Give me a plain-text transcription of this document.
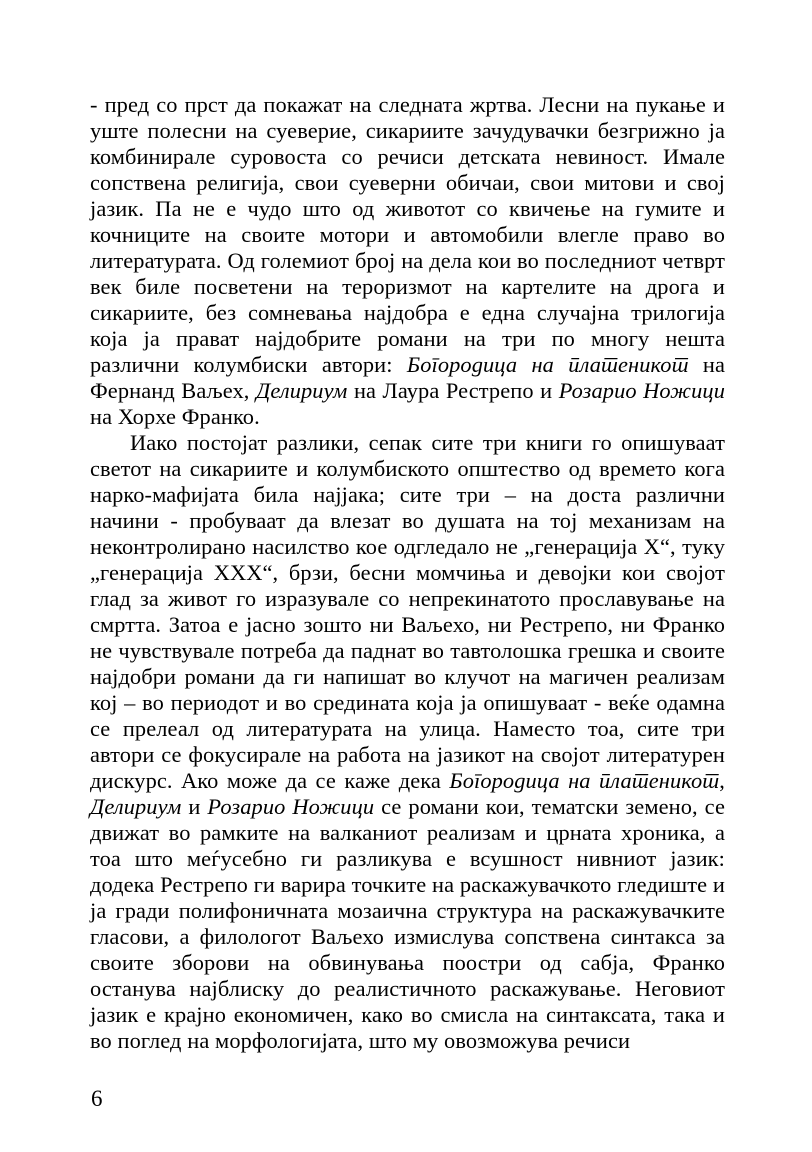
- пред со прст да покажат на следната жртва. Лесни на пукање и уште полесни на суеверие, сикариите зачудувачки безгрижно ја комбинирале суровоста со речиси детската невиност. Имале сопствена религија, свои суеверни обичаи, свои митови и свој јазик. Па не е чудо што од животот со квичење на гумите и кочниците на своите мотори и автомобили влегле право во литературата. Од големиот број на дела кои во последниот четврт век биле посветени на тероризмот на картелите на дрога и сикариите, без сомневања најдобра е една случајна трилогија која ја прават најдобрите романи на три по многу нешта различни колумбиски автори: Богородица на платеникот на Фернанд Ваљех, Делириум на Лаура Рестрепо и Розарио Ножици на Хорхе Франко.

Иако постојат разлики, сепак сите три книги го опишуваат светот на сикариите и колумбиското општество од времето кога нарко-мафијата била најјака; сите три – на доста различни начини - пробуваат да влезат во душата на тој механизам на неконтролирано насилство кое одгледало не „генерација X“, туку „генерација XXX“, брзи, бесни момчиња и девојки кои својот глад за живот го изразувале со непрекинатото прославување на смртта. Затоа е јасно зошто ни Ваљехо, ни Рестрепо, ни Франко не чувствувале потреба да паднат во тавтолошка грешка и своите најдобри романи да ги напишат во клучот на магичен реализам кој – во периодот и во средината која ја опишуваат - веќе одамна се прелеал од литературата на улица. Наместо тоа, сите три автори се фокусирале на работа на јазикот на својот литературен дискурс. Ако може да се каже дека Богородица на платеникот, Делириум и Розарио Ножици се романи кои, тематски земено, се движат во рамките на валканиот реализам и црната хроника, а тоа што меѓусебно ги разликува е всушност нивниот јазик: додека Рестрепо ги варира точките на раскажувачкото гледиште и ја гради полифоничната мозаична структура на раскажувачките гласови, а филологот Ваљехо измислува сопствена синтакса за своите зборови на обвинувања поостри од сабја, Франко останува најблиску до реалистичното раскажување. Неговиот јазик е крајно економичен, како во смисла на синтаксата, така и во поглед на морфологијата, што му овозможува речиси

6
